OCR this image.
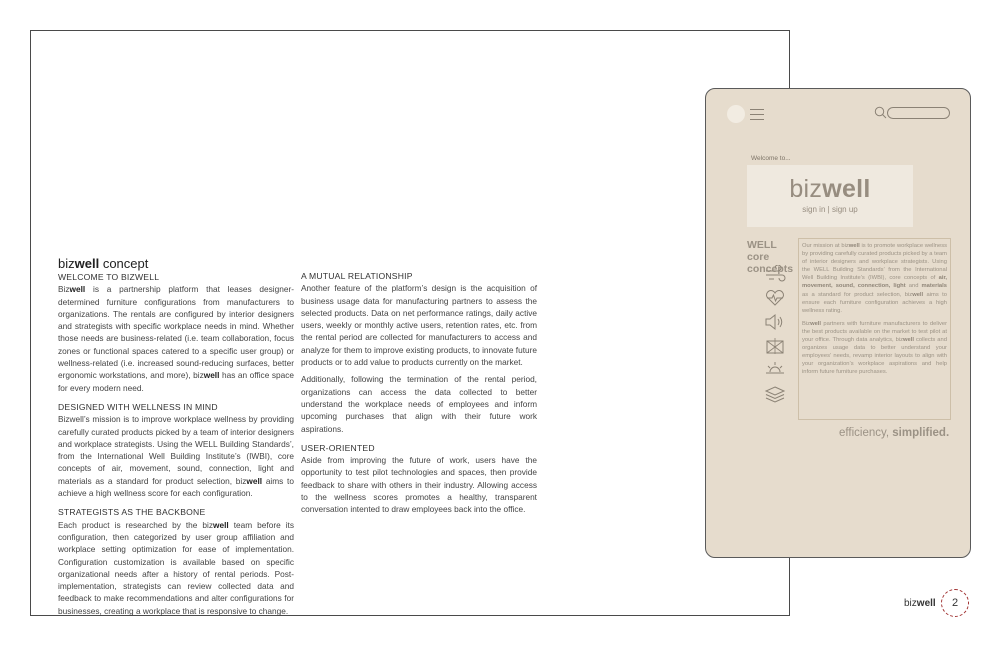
bizwell concept
WELCOME TO BIZWELL

Bizwell is a partnership platform that leases designer-determined furniture configurations from manufacturers to organizations. The rentals are configured by interior designers and strategists with specific workplace needs in mind. Whether those needs are business-related (i.e. team collaboration, focus zones or functional spaces catered to a specific user group) or wellness-related (i.e. increased sound-reducing surfaces, better ergonomic workstations, and more), bizwell has an office space for every modern need.

DESIGNED WITH WELLNESS IN MIND

Bizwell’s mission is to improve workplace wellness by providing carefully curated products picked by a team of interior designers and workplace strategists. Using the WELL Building Standards’, from the International Well Building Institute’s (IWBI), core concepts of air, movement, sound, connection, light and materials as a standard for product selection, bizwell aims to achieve a high wellness score for each configuration.

STRATEGISTS AS THE BACKBONE

Each product is researched by the bizwell team before its configuration, then categorized by user group affiliation and workplace setting optimization for ease of implementation. Configuration customization is available based on specific organizational needs after a history of rental periods. Post-implementation, strategists can review collected data and feedback to make recommendations and alter configurations for businesses, creating a workplace that is responsive to change.

A MUTUAL RELATIONSHIP

Another feature of the platform’s design is the acquisition of business usage data for manufacturing partners to assess the selected products. Data on net performance ratings, daily active users, weekly or monthly active users, retention rates, etc. from the rental period are collected for manufacturers to access and analyze for them to improve existing products, to innovate future products or to add value to products currently on the market.

Additionally, following the termination of the rental period, organizations can access the data collected to better understand the workplace needs of employees and inform upcoming purchases that align with their future work aspirations.

USER-ORIENTED

Aside from improving the future of work, users have the opportunity to test pilot technologies and spaces, then provide feedback to share with others in their industry. Allowing access to the wellness scores promotes a healthy, transparent conversation intented to draw employees back into the office.

Welcome to...
bizwell
sign in | sign up
WELL core concepts

Our mission at bizwell is to promote workplace wellness by providing carefully curated products picked by a team of interior designers and workplace strategists. Using the WELL Building Standards’ from the International Well Building Institute’s (IWBI), core concepts of air, movement, sound, connection, light and materials as a standard for product selection, bizwell aims to ensure each furniture configuration achieves a high wellness rating.

Bizwell partners with furniture manufacturers to deliver the best products available on the market to test pilot at your office. Through data analytics, bizwell collects and organizes usage data to better understand your employees’ needs, revamp interior layouts to align with your organization’s workplace aspirations and help inform future furniture purchases.

efficiency, simplified.
bizwell	2
